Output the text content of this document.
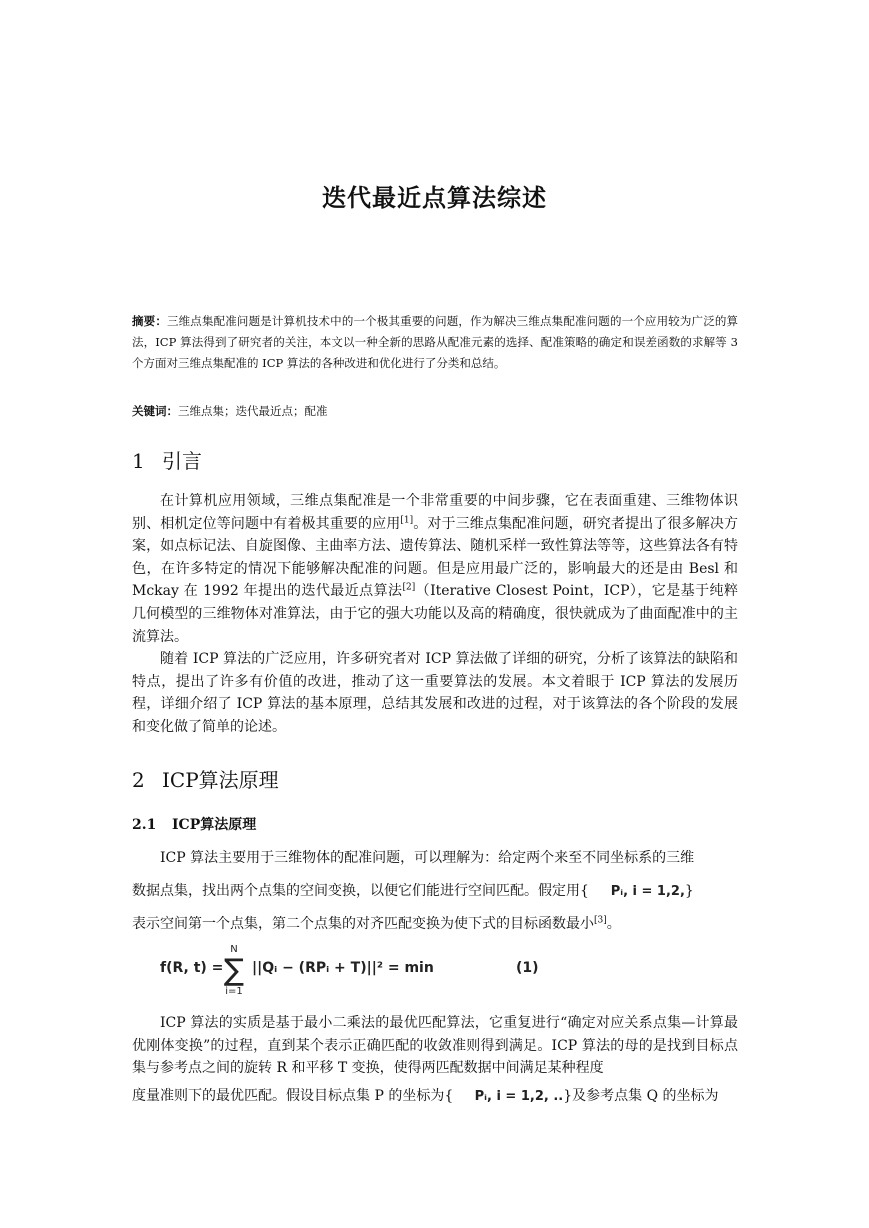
迭代最近点算法综述
摘要：三维点集配准问题是计算机技术中的一个极其重要的问题，作为解决三维点集配准问题的一个应用较为广泛的算法，ICP 算法得到了研究者的关注，本文以一种全新的思路从配准元素的选择、配准策略的确定和误差函数的求解等 3 个方面对三维点集配准的 ICP 算法的各种改进和优化进行了分类和总结。
关键词：三维点集；迭代最近点；配准
1 引言

在计算机应用领域，三维点集配准是一个非常重要的中间步骤，它在表面重建、三维物体识别、相机定位等问题中有着极其重要的应用[1]。对于三维点集配准问题，研究者提出了很多解决方案，如点标记法、自旋图像、主曲率方法、遗传算法、随机采样一致性算法等等，这些算法各有特色，在许多特定的情况下能够解决配准的问题。但是应用最广泛的，影响最大的还是由 Besl 和 Mckay 在 1992 年提出的迭代最近点算法[2]（Iterative Closest Point，ICP），它是基于纯粹几何模型的三维物体对准算法，由于它的强大功能以及高的精确度，很快就成为了曲面配准中的主流算法。

随着 ICP 算法的广泛应用，许多研究者对 ICP 算法做了详细的研究，分析了该算法的缺陷和特点，提出了许多有价值的改进，推动了这一重要算法的发展。本文着眼于 ICP 算法的发展历程，详细介绍了 ICP 算法的基本原理，总结其发展和改进的过程，对于该算法的各个阶段的发展和变化做了简单的论述。

2 ICP算法原理
2.1 ICP算法原理
ICP 算法主要用于三维物体的配准问题，可以理解为：给定两个来至不同坐标系的三维
数据点集，找出两个点集的空间变换，以便它们能进行空间匹配。假定用{ Pᵢ, i = 1,2,}
表示空间第一个点集，第二个点集的对齐匹配变换为使下式的目标函数最小[3]。
f(R, t) =
N
∑
i=1
||Qᵢ − (RPᵢ + T)||² = min	(1)

ICP 算法的实质是基于最小二乘法的最优匹配算法，它重复进行“确定对应关系点集—计算最优刚体变换”的过程，直到某个表示正确匹配的收敛准则得到满足。ICP 算法的母的是找到目标点集与参考点之间的旋转 R 和平移 T 变换，使得两匹配数据中间满足某种程度

度量准则下的最优匹配。假设目标点集 P 的坐标为{ Pᵢ, i = 1,2, ..}及参考点集 Q 的坐标为
